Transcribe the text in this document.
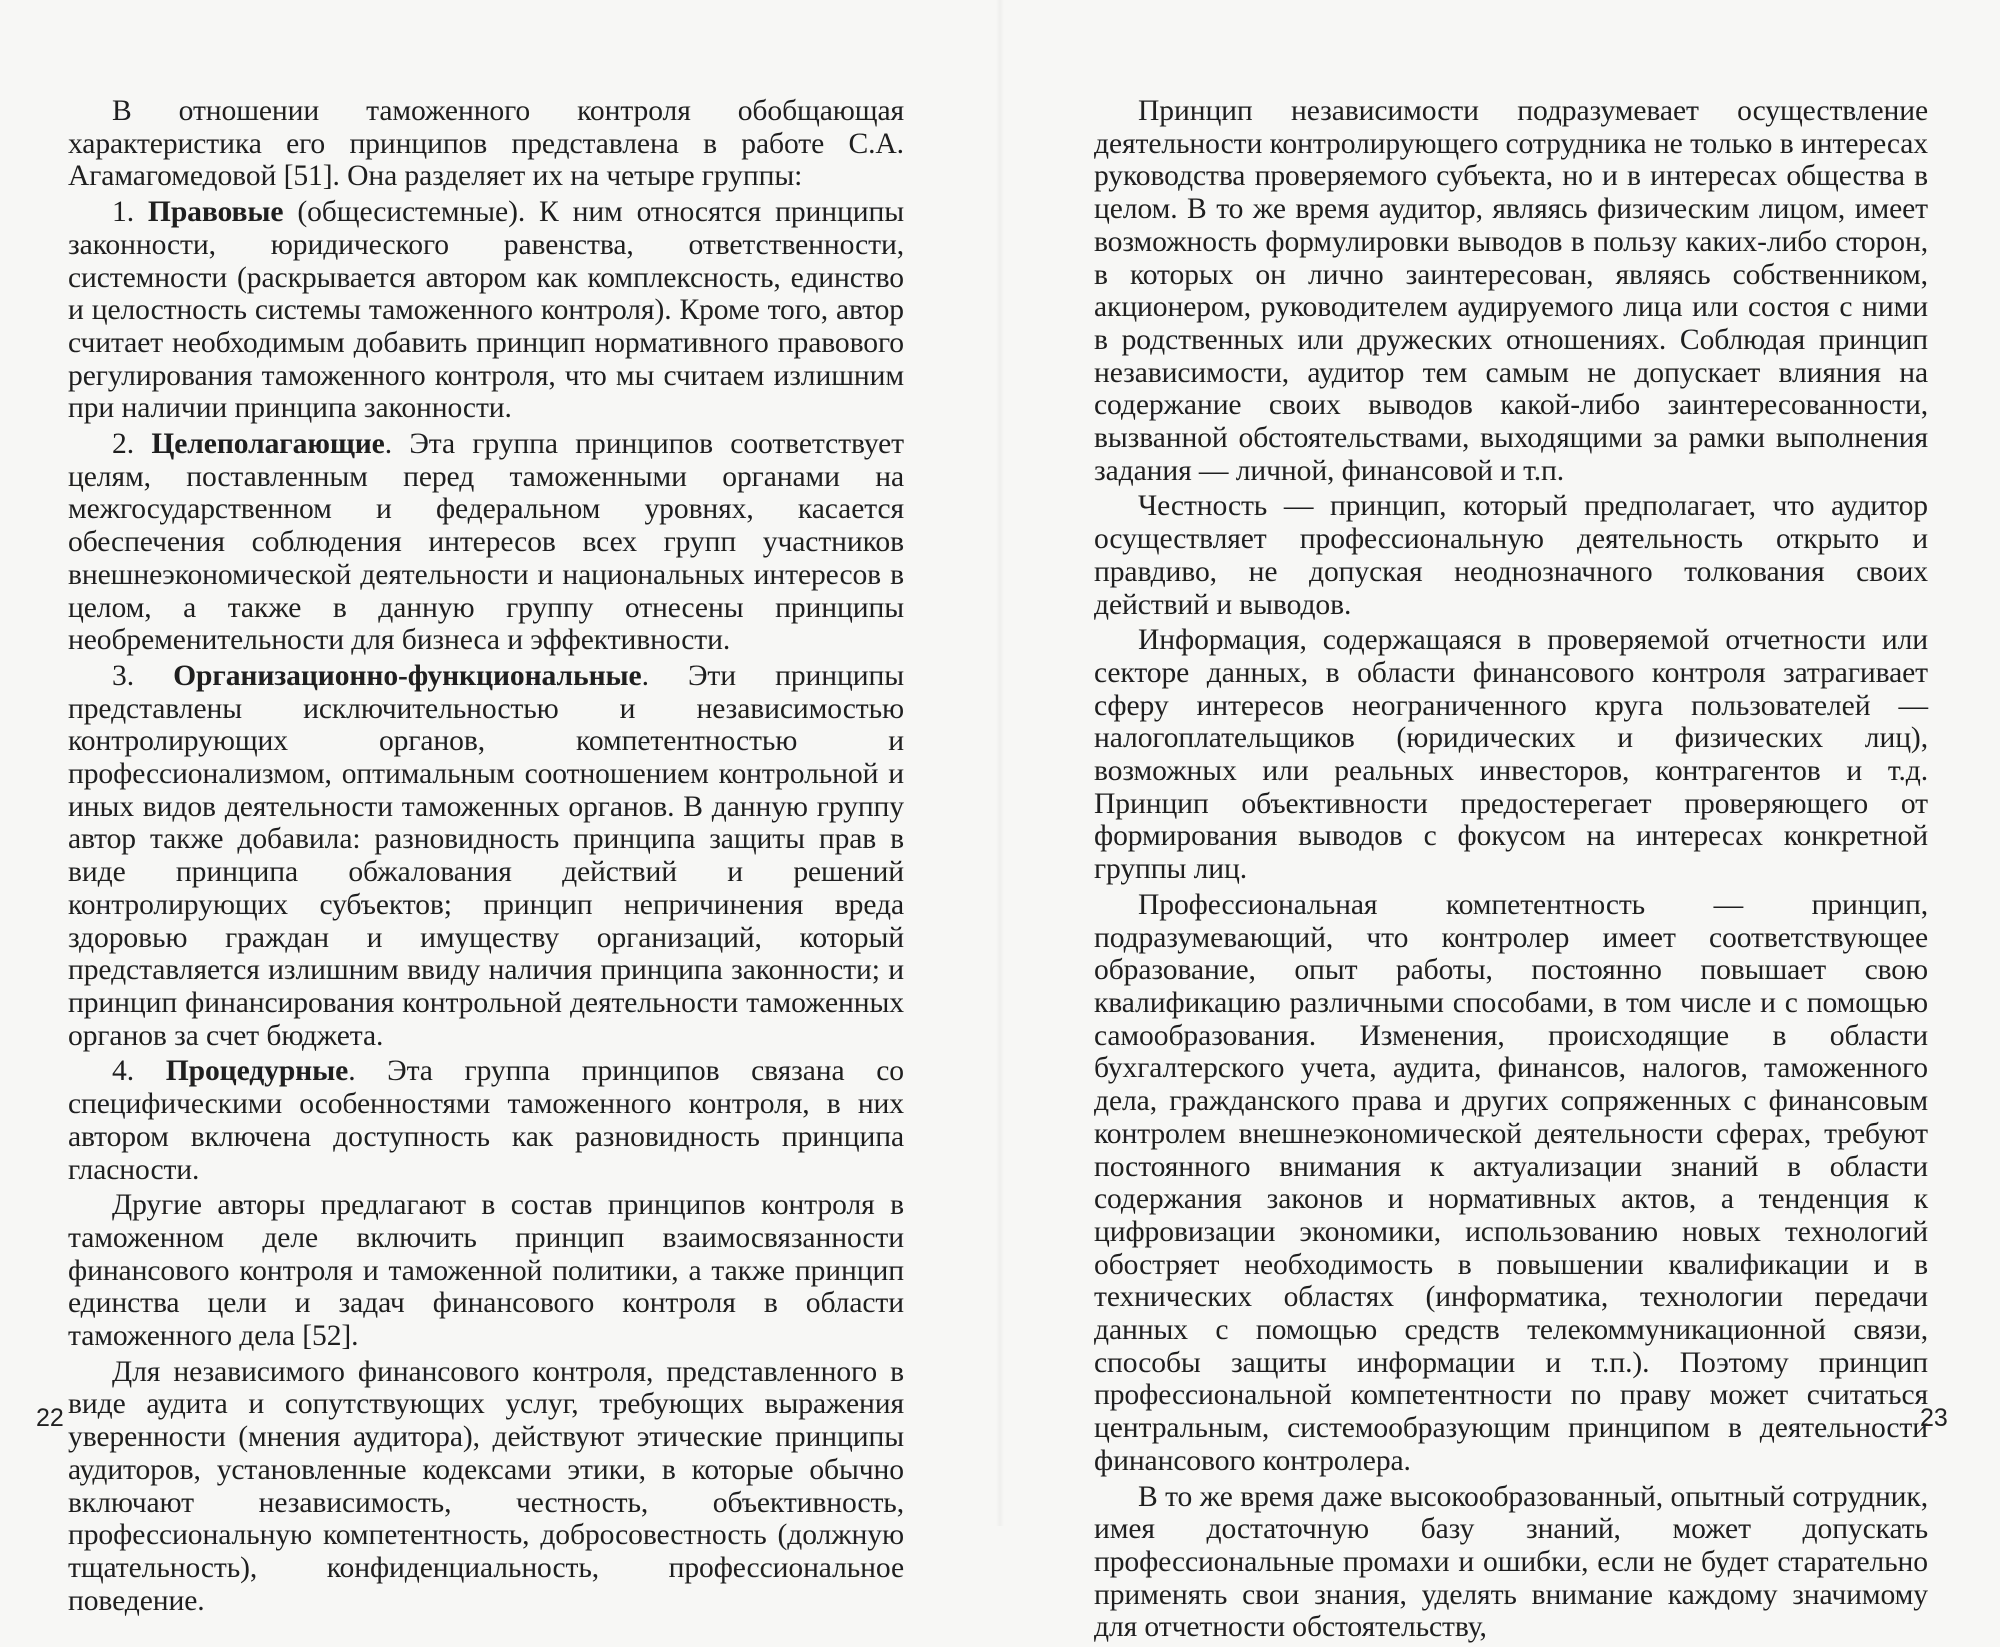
В отношении таможенного контроля обобщающая характеристика его принципов представлена в работе С.А. Агамагомедовой [51]. Она разделяет их на четыре группы:

1. Правовые (общесистемные). К ним относятся принципы законности, юридического равенства, ответственности, системности (раскрывается автором как комплексность, единство и целостность системы таможенного контроля). Кроме того, автор считает необходимым добавить принцип нормативного правового регулирования таможенного контроля, что мы считаем излишним при наличии принципа законности.

2. Целеполагающие. Эта группа принципов соответствует целям, поставленным перед таможенными органами на межгосударственном и федеральном уровнях, касается обеспечения соблюдения интересов всех групп участников внешнеэкономической деятельности и национальных интересов в целом, а также в данную группу отнесены принципы необременительности для бизнеса и эффективности.

3. Организационно-функциональные. Эти принципы представлены исключительностью и независимостью контролирующих органов, компетентностью и профессионализмом, оптимальным соотношением контрольной и иных видов деятельности таможенных органов. В данную группу автор также добавила: разновидность принципа защиты прав в виде принципа обжалования действий и решений контролирующих субъектов; принцип непричинения вреда здоровью граждан и имуществу организаций, который представляется излишним ввиду наличия принципа законности; и принцип финансирования контрольной деятельности таможенных органов за счет бюджета.

4. Процедурные. Эта группа принципов связана со специфическими особенностями таможенного контроля, в них автором включена доступность как разновидность принципа гласности.

Другие авторы предлагают в состав принципов контроля в таможенном деле включить принцип взаимосвязанности финансового контроля и таможенной политики, а также принцип единства цели и задач финансового контроля в области таможенного дела [52].

Для независимого финансового контроля, представленного в виде аудита и сопутствующих услуг, требующих выражения уверенности (мнения аудитора), действуют этические принципы аудиторов, установленные кодексами этики, в которые обычно включают независимость, честность, объективность, профессиональную компетентность, добросовестность (должную тщательность), конфиденциальность, профессиональное поведение.

22

Принцип независимости подразумевает осуществление деятельности контролирующего сотрудника не только в интересах руководства проверяемого субъекта, но и в интересах общества в целом. В то же время аудитор, являясь физическим лицом, имеет возможность формулировки выводов в пользу каких-либо сторон, в которых он лично заинтересован, являясь собственником, акционером, руководителем аудируемого лица или состоя с ними в родственных или дружеских отношениях. Соблюдая принцип независимости, аудитор тем самым не допускает влияния на содержание своих выводов какой-либо заинтересованности, вызванной обстоятельствами, выходящими за рамки выполнения задания — личной, финансовой и т.п.

Честность — принцип, который предполагает, что аудитор осуществляет профессиональную деятельность открыто и правдиво, не допуская неоднозначного толкования своих действий и выводов.

Информация, содержащаяся в проверяемой отчетности или секторе данных, в области финансового контроля затрагивает сферу интересов неограниченного круга пользователей — налогоплательщиков (юридических и физических лиц), возможных или реальных инвесторов, контрагентов и т.д. Принцип объективности предостерегает проверяющего от формирования выводов с фокусом на интересах конкретной группы лиц.

Профессиональная компетентность — принцип, подразумевающий, что контролер имеет соответствующее образование, опыт работы, постоянно повышает свою квалификацию различными способами, в том числе и с помощью самообразования. Изменения, происходящие в области бухгалтерского учета, аудита, финансов, налогов, таможенного дела, гражданского права и других сопряженных с финансовым контролем внешнеэкономической деятельности сферах, требуют постоянного внимания к актуализации знаний в области содержания законов и нормативных актов, а тенденция к цифровизации экономики, использованию новых технологий обостряет необходимость в повышении квалификации и в технических областях (информатика, технологии передачи данных с помощью средств телекоммуникационной связи, способы защиты информации и т.п.). Поэтому принцип профессиональной компетентности по праву может считаться центральным, системообразующим принципом в деятельности финансового контролера.

В то же время даже высокообразованный, опытный сотрудник, имея достаточную базу знаний, может допускать профессиональные промахи и ошибки, если не будет старательно применять свои знания, уделять внимание каждому значимому для отчетности обстоятельству,

23
